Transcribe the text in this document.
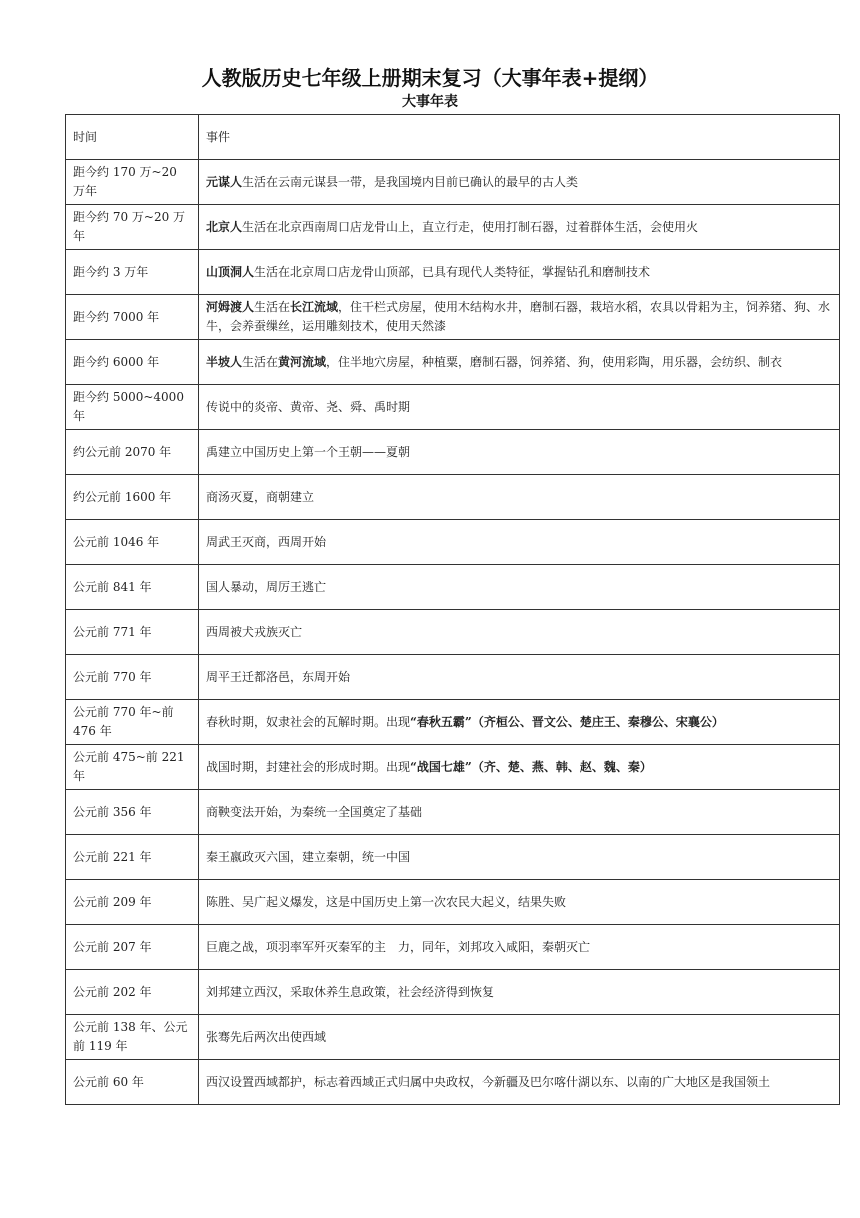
人教版历史七年级上册期末复习（大事年表+提纲）
大事年表
时间	事件
距今约 170 万~20 万年	元谋人生活在云南元谋县一带，是我国境内目前已确认的最早的古人类
距今约 70 万~20 万年	北京人生活在北京西南周口店龙骨山上，直立行走，使用打制石器，过着群体生活，会使用火
距今约 3 万年	山顶洞人生活在北京周口店龙骨山顶部，已具有现代人类特征，掌握钻孔和磨制技术
距今约 7000 年	河姆渡人生活在长江流域，住干栏式房屋，使用木结构水井，磨制石器，栽培水稻，农具以骨耜为主，饲养猪、狗、水牛，会养蚕缫丝，运用雕刻技术，使用天然漆
距今约 6000 年	半坡人生活在黄河流域，住半地穴房屋，种植粟，磨制石器，饲养猪、狗，使用彩陶，用乐器，会纺织、制衣
距今约 5000~4000 年	传说中的炎帝、黄帝、尧、舜、禹时期
约公元前 2070 年	禹建立中国历史上第一个王朝——夏朝
约公元前 1600 年	商汤灭夏，商朝建立
公元前 1046 年	周武王灭商，西周开始
公元前 841 年	国人暴动，周厉王逃亡
公元前 771 年	西周被犬戎族灭亡
公元前 770 年	周平王迁都洛邑，东周开始
公元前 770 年~前 476 年	春秋时期，奴隶社会的瓦解时期。出现“春秋五霸”（齐桓公、晋文公、楚庄王、秦穆公、宋襄公）
公元前 475~前 221 年	战国时期，封建社会的形成时期。出现“战国七雄”（齐、楚、燕、韩、赵、魏、秦）
公元前 356 年	商鞅变法开始，为秦统一全国奠定了基础
公元前 221 年	秦王嬴政灭六国，建立秦朝，统一中国
公元前 209 年	陈胜、吴广起义爆发，这是中国历史上第一次农民大起义，结果失败
公元前 207 年	巨鹿之战，项羽率军歼灭秦军的主　力，同年，刘邦攻入咸阳，秦朝灭亡
公元前 202 年	刘邦建立西汉，采取休养生息政策，社会经济得到恢复
公元前 138 年、公元前 119 年	张骞先后两次出使西域
公元前 60 年	西汉设置西域都护，标志着西域正式归属中央政权，今新疆及巴尔喀什湖以东、以南的广大地区是我国领土
